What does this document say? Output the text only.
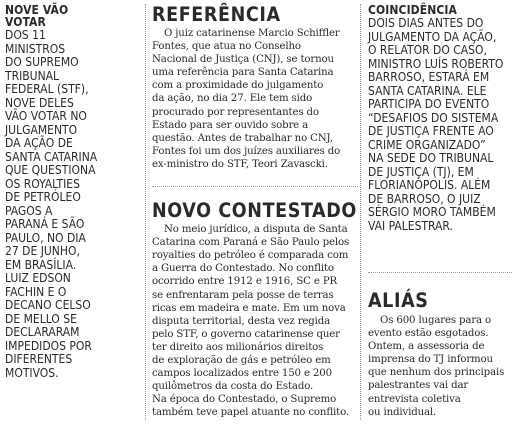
NOVE VÃO
VOTAR
DOS 11
MINISTROS
DO SUPREMO
TRIBUNAL
FEDERAL (STF),
NOVE DELES
VÃO VOTAR NO
JULGAMENTO
DA AÇÃO DE
SANTA CATARINA
QUE QUESTIONA
OS ROYALTIES
DE PETRÓLEO
PAGOS A
PARANÁ E SÃO
PAULO, NO DIA
27 DE JUNHO,
EM BRASÍLIA.
LUIZ EDSON
FACHIN E O
DECANO CELSO
DE MELLO SE
DECLARARAM
IMPEDIDOS POR
DIFERENTES
MOTIVOS.
REFERÊNCIA
O juiz catarinense Marcio Schiffler
Fontes, que atua no Conselho
Nacional de Justiça (CNJ), se tornou
uma referência para Santa Catarina
com a proximidade do julgamento
da ação, no dia 27. Ele tem sido
procurado por representantes do
Estado para ser ouvido sobre a
questão. Antes de trabalhar no CNJ,
Fontes foi um dos juízes auxiliares do
ex-ministro do STF, Teori Zavascki.
NOVO CONTESTADO
No meio jurídico, a disputa de Santa
Catarina com Paraná e São Paulo pelos
royalties do petróleo é comparada com
a Guerra do Contestado. No conflito
ocorrido entre 1912 e 1916, SC e PR
se enfrentaram pela posse de terras
ricas em madeira e mate. Em um nova
disputa territorial, desta vez regida
pelo STF, o governo catarinense quer
ter direito aos milionários direitos
de exploração de gás e petróleo em
campos localizados entre 150 e 200
quilômetros da costa do Estado.
Na época do Contestado, o Supremo
também teve papel atuante no conflito.
COINCIDÊNCIA
DOIS DIAS ANTES DO
JULGAMENTO DA AÇÃO,
O RELATOR DO CASO,
MINISTRO LUÍS ROBERTO
BARROSO, ESTARÁ EM
SANTA CATARINA. ELE
PARTICIPA DO EVENTO
“DESAFIOS DO SISTEMA
DE JUSTIÇA FRENTE AO
CRIME ORGANIZADO”
NA SEDE DO TRIBUNAL
DE JUSTIÇA (TJ), EM
FLORIANÓPOLIS. ALÉM
DE BARROSO, O JUIZ
SÉRGIO MORO TAMBÉM
VAI PALESTRAR.
ALIÁS
Os 600 lugares para o
evento estão esgotados.
Ontem, a assessoria de
imprensa do TJ informou
que nenhum dos principais
palestrantes vai dar
entrevista coletiva
ou individual.
